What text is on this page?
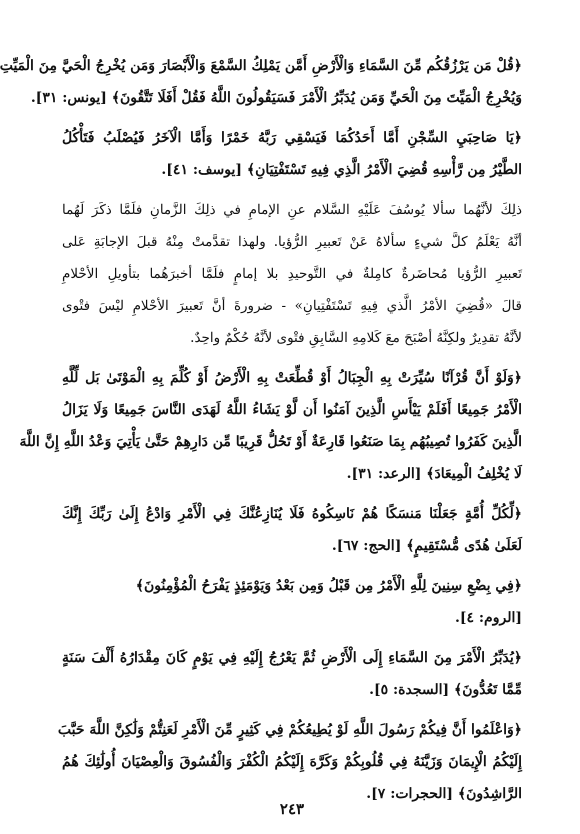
﴿قُلْ مَن يَرْزُقُكُم مِّنَ السَّمَاءِ وَالْأَرْضِ أَمَّن يَمْلِكُ السَّمْعَ وَالْأَبْصَارَ وَمَن يُخْرِجُ الْحَيَّ مِنَ الْمَيِّتِ
وَيُخْرِجُ الْمَيِّتَ مِنَ الْحَيِّ وَمَن يُدَبِّرُ الْأَمْرَ فَسَيَقُولُونَ اللَّهُ فَقُلْ أَفَلَا تَتَّقُونَ﴾ [يونس: ٣١].
﴿يَا صَاحِبَيِ السِّجْنِ أَمَّا أَحَدُكُمَا فَيَسْقِي رَبَّهُ خَمْرًا وَأَمَّا الْآخَرُ فَيُصْلَبُ فَتَأْكُلُ
الطَّيْرُ مِن رَّأْسِهِ قُضِيَ الْأَمْرُ الَّذِي فِيهِ تَسْتَفْتِيَانِ﴾ [يوسف: ٤١].
ذلِكَ لأنَّهُما سألا يُوسُفَ عَلَيْهِ السَّلام عنِ الإمامِ في ذلِكَ الزَّمانِ فلَمَّا ذكَرَ لَهُما
أنَّهُ يَعْلَمُ كلَّ شيءٍ سألاهُ عَنْ تَعبيرِ الرُّؤيا. ولهذا تقدَّمتْ مِنْهُ قبلَ الإجابَةِ عَلى
تَعبيرِ الرُّؤيا مُحاضَرةٌ كامِلةٌ في التَّوحيدِ بلا إمامٍ فلَمَّا أخبرَهُما بتأويلِ الأحْلامِ
قالَ «قُضِيَ الأمْرُ الَّذي فِيهِ تَسْتَفْتِيانِ» - ضرورةَ أنَّ تَعبيرَ الأحْلامِ ليْسَ فتْوى
لأنَّهُ تقدِيرٌ ولكِنَّهُ أصْبَحَ معَ كَلامِهِ السَّابِقِ فتْوى لأنَّهُ حُكْمٌ واحِدٌ.
﴿وَلَوْ أَنَّ قُرْآنًا سُيِّرَتْ بِهِ الْجِبَالُ أَوْ قُطِّعَتْ بِهِ الْأَرْضُ أَوْ كُلِّمَ بِهِ الْمَوْتَىٰ بَل لِّلَّهِ
الْأَمْرُ جَمِيعًا أَفَلَمْ يَيْأَسِ الَّذِينَ آمَنُوا أَن لَّوْ يَشَاءُ اللَّهُ لَهَدَى النَّاسَ جَمِيعًا وَلَا يَزَالُ
الَّذِينَ كَفَرُوا تُصِيبُهُم بِمَا صَنَعُوا قَارِعَةٌ أَوْ تَحُلُّ قَرِيبًا مِّن دَارِهِمْ حَتَّىٰ يَأْتِيَ وَعْدُ اللَّهِ إِنَّ اللَّهَ
لَا يُخْلِفُ الْمِيعَادَ﴾ [الرعد: ٣١].
﴿لِّكُلِّ أُمَّةٍ جَعَلْنَا مَنسَكًا هُمْ نَاسِكُوهُ فَلَا يُنَازِعُنَّكَ فِي الْأَمْرِ وَادْعُ إِلَىٰ رَبِّكَ إِنَّكَ
لَعَلَىٰ هُدًى مُّسْتَقِيمٍ﴾ [الحج: ٦٧].
﴿فِي بِضْعِ سِنِينَ لِلَّهِ الْأَمْرُ مِن قَبْلُ وَمِن بَعْدُ وَيَوْمَئِذٍ يَفْرَحُ الْمُؤْمِنُونَ﴾
[الروم: ٤].
﴿يُدَبِّرُ الْأَمْرَ مِنَ السَّمَاءِ إِلَى الْأَرْضِ ثُمَّ يَعْرُجُ إِلَيْهِ فِي يَوْمٍ كَانَ مِقْدَارُهُ أَلْفَ سَنَةٍ
مِّمَّا تَعُدُّونَ﴾ [السجدة: ٥].
﴿وَاعْلَمُوا أَنَّ فِيكُمْ رَسُولَ اللَّهِ لَوْ يُطِيعُكُمْ فِي كَثِيرٍ مِّنَ الْأَمْرِ لَعَنِتُّمْ وَلَٰكِنَّ اللَّهَ حَبَّبَ
إِلَيْكُمُ الْإِيمَانَ وَزَيَّنَهُ فِي قُلُوبِكُمْ وَكَرَّهَ إِلَيْكُمُ الْكُفْرَ وَالْفُسُوقَ وَالْعِصْيَانَ أُولَٰئِكَ هُمُ
الرَّاشِدُونَ﴾ [الحجرات: ٧].
٢٤٣
